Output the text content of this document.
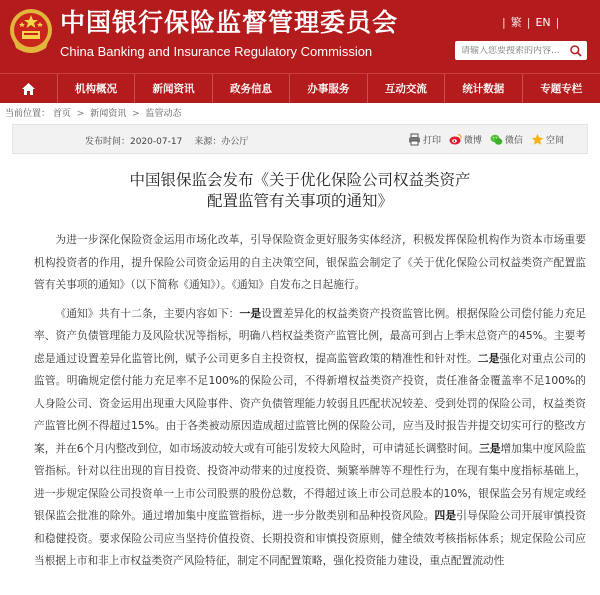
中国银行保险监督管理委员会
China Banking and Insurance Regulatory Commission
| 繁 | EN |
请输入您要搜索的内容...
机构概况	新闻资讯	政务信息	办事服务	互动交流	统计数据	专题专栏
当前位置： 首页 > 新闻资讯 > 监管动态
发布时间：2020-07-17 来源：办公厅	打印	微博	微信	空间
中国银保监会发布《关于优化保险公司权益类资产
配置监管有关事项的通知》

为进一步深化保险资金运用市场化改革，引导保险资金更好服务实体经济，积极发挥保险机构作为资本市场重要机构投资者的作用，提升保险公司资金运用的自主决策空间，银保监会制定了《关于优化保险公司权益类资产配置监管有关事项的通知》（以下简称《通知》）。《通知》自发布之日起施行。

《通知》共有十二条，主要内容如下：一是设置差异化的权益类资产投资监管比例。根据保险公司偿付能力充足率、资产负债管理能力及风险状况等指标，明确八档权益类资产监管比例，最高可到占上季末总资产的45%。主要考虑是通过设置差异化监管比例，赋予公司更多自主投资权，提高监管政策的精准性和针对性。二是强化对重点公司的监管。明确规定偿付能力充足率不足100%的保险公司，不得新增权益类资产投资，责任准备金覆盖率不足100%的人身险公司、资金运用出现重大风险事件、资产负债管理能力较弱且匹配状况较差、受到处罚的保险公司，权益类资产监管比例不得超过15%。由于各类被动原因造成超过监管比例的保险公司，应当及时报告并提交切实可行的整改方案，并在6个月内整改到位，如市场波动较大或有可能引发较大风险时，可申请延长调整时间。三是增加集中度风险监管指标。针对以往出现的盲目投资、投资冲动带来的过度投资、频繁举牌等不理性行为，在现有集中度指标基础上，进一步规定保险公司投资单一上市公司股票的股份总数，不得超过该上市公司总股本的10%，银保监会另有规定或经银保监会批准的除外。通过增加集中度监管指标，进一步分散类别和品种投资风险。四是引导保险公司开展审慎投资和稳健投资。要求保险公司应当坚持价值投资、长期投资和审慎投资原则，健全绩效考核指标体系；规定保险公司应当根据上市和非上市权益类资产风险特征，制定不同配置策略，强化投资能力建设，重点配置流动性
